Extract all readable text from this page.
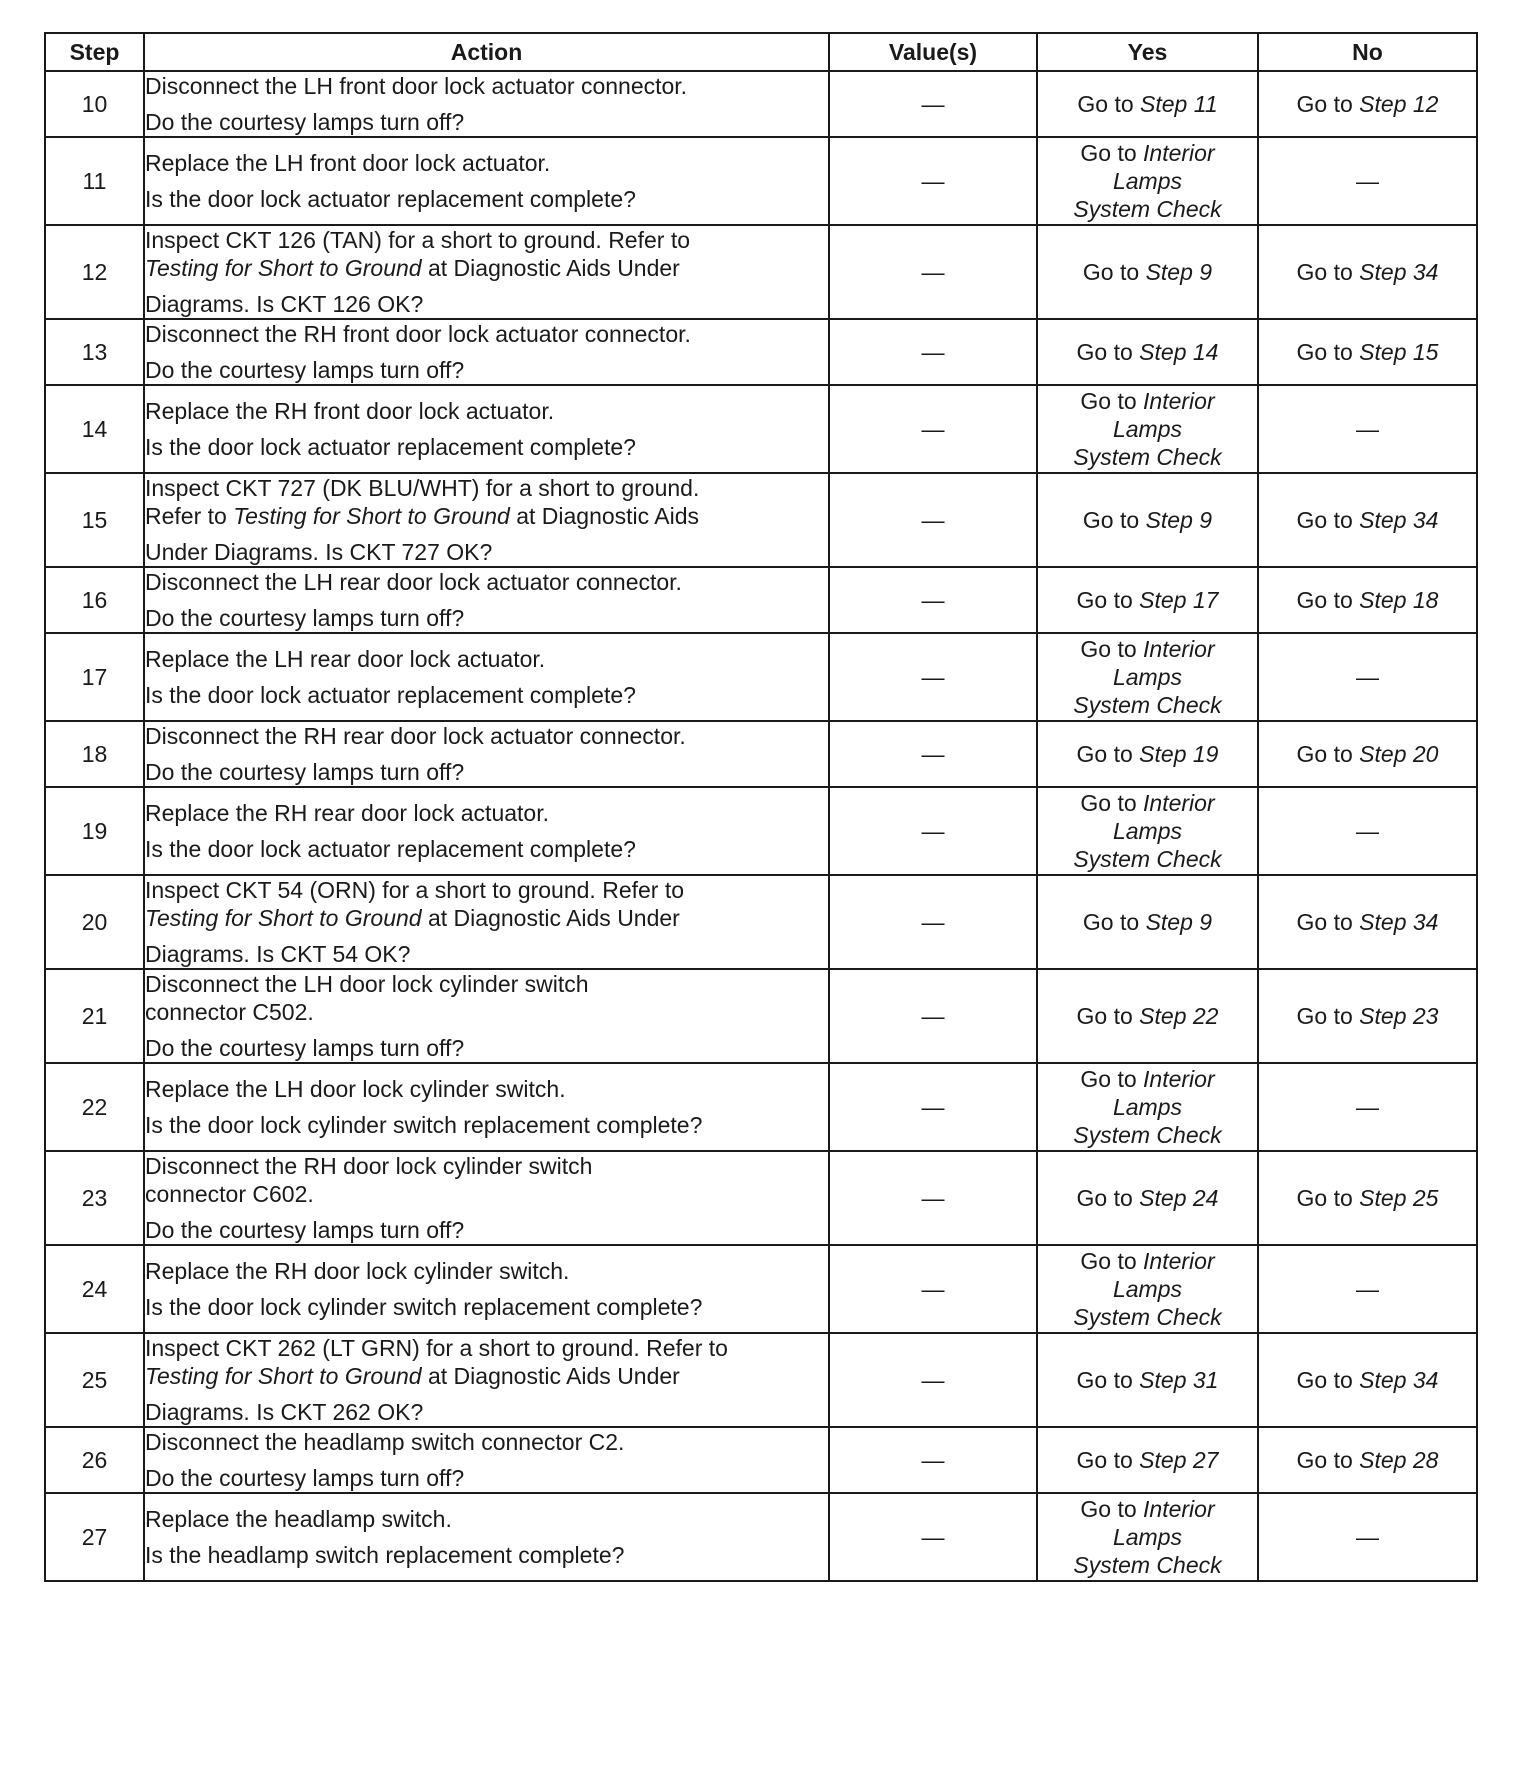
Step	Action	Value(s)	Yes	No
10	Disconnect the LH front door lock actuator connector.
Do the courtesy lamps turn off?	—	Go to Step 11	Go to Step 12
11	Replace the LH front door lock actuator.
Is the door lock actuator replacement complete?	—	Go to Interior
Lamps
System Check	—
12	Inspect CKT 126 (TAN) for a short to ground. Refer to
Testing for Short to Ground at Diagnostic Aids Under
Diagrams. Is CKT 126 OK?	—	Go to Step 9	Go to Step 34
13	Disconnect the RH front door lock actuator connector.
Do the courtesy lamps turn off?	—	Go to Step 14	Go to Step 15
14	Replace the RH front door lock actuator.
Is the door lock actuator replacement complete?	—	Go to Interior
Lamps
System Check	—
15	Inspect CKT 727 (DK BLU/WHT) for a short to ground.
Refer to Testing for Short to Ground at Diagnostic Aids
Under Diagrams. Is CKT 727 OK?	—	Go to Step 9	Go to Step 34
16	Disconnect the LH rear door lock actuator connector.
Do the courtesy lamps turn off?	—	Go to Step 17	Go to Step 18
17	Replace the LH rear door lock actuator.
Is the door lock actuator replacement complete?	—	Go to Interior
Lamps
System Check	—
18	Disconnect the RH rear door lock actuator connector.
Do the courtesy lamps turn off?	—	Go to Step 19	Go to Step 20
19	Replace the RH rear door lock actuator.
Is the door lock actuator replacement complete?	—	Go to Interior
Lamps
System Check	—
20	Inspect CKT 54 (ORN) for a short to ground. Refer to
Testing for Short to Ground at Diagnostic Aids Under
Diagrams. Is CKT 54 OK?	—	Go to Step 9	Go to Step 34
21	Disconnect the LH door lock cylinder switch
connector C502.
Do the courtesy lamps turn off?	—	Go to Step 22	Go to Step 23
22	Replace the LH door lock cylinder switch.
Is the door lock cylinder switch replacement complete?	—	Go to Interior
Lamps
System Check	—
23	Disconnect the RH door lock cylinder switch
connector C602.
Do the courtesy lamps turn off?	—	Go to Step 24	Go to Step 25
24	Replace the RH door lock cylinder switch.
Is the door lock cylinder switch replacement complete?	—	Go to Interior
Lamps
System Check	—
25	Inspect CKT 262 (LT GRN) for a short to ground. Refer to
Testing for Short to Ground at Diagnostic Aids Under
Diagrams. Is CKT 262 OK?	—	Go to Step 31	Go to Step 34
26	Disconnect the headlamp switch connector C2.
Do the courtesy lamps turn off?	—	Go to Step 27	Go to Step 28
27	Replace the headlamp switch.
Is the headlamp switch replacement complete?	—	Go to Interior
Lamps
System Check	—
